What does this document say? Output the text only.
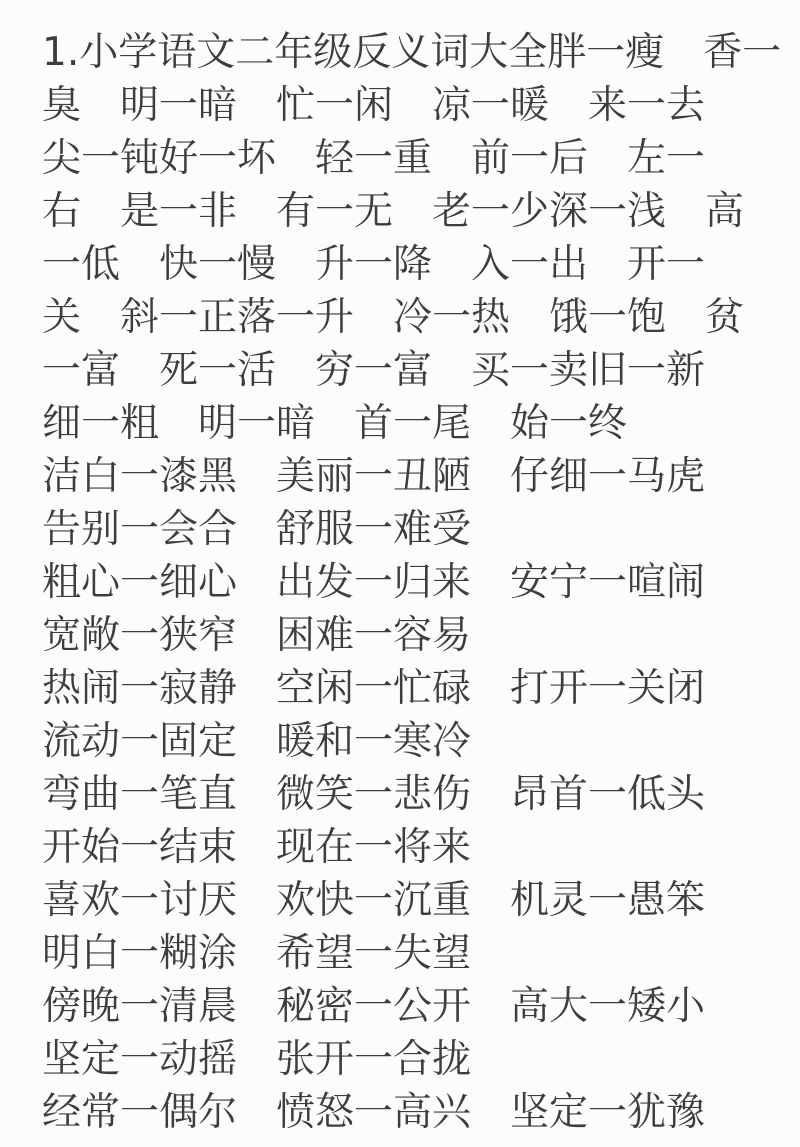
1.小学语文二年级反义词大全胖一瘦　香一
臭　明一暗　忙一闲　凉一暖　来一去
尖一钝好一坏　轻一重　前一后　左一
右　是一非　有一无　老一少深一浅　高
一低　快一慢　升一降　入一出　开一
关　斜一正落一升　冷一热　饿一饱　贫
一富　死一活　穷一富　买一卖旧一新
细一粗　明一暗　首一尾　始一终
洁白一漆黑　美丽一丑陋　仔细一马虎
告别一会合　舒服一难受
粗心一细心　出发一归来　安宁一喧闹
宽敞一狭窄　困难一容易
热闹一寂静　空闲一忙碌　打开一关闭
流动一固定　暖和一寒冷
弯曲一笔直　微笑一悲伤　昂首一低头
开始一结束　现在一将来
喜欢一讨厌　欢快一沉重　机灵一愚笨
明白一糊涂　希望一失望
傍晚一清晨　秘密一公开　高大一矮小
坚定一动摇　张开一合拢
经常一偶尔　愤怒一高兴　坚定一犹豫
